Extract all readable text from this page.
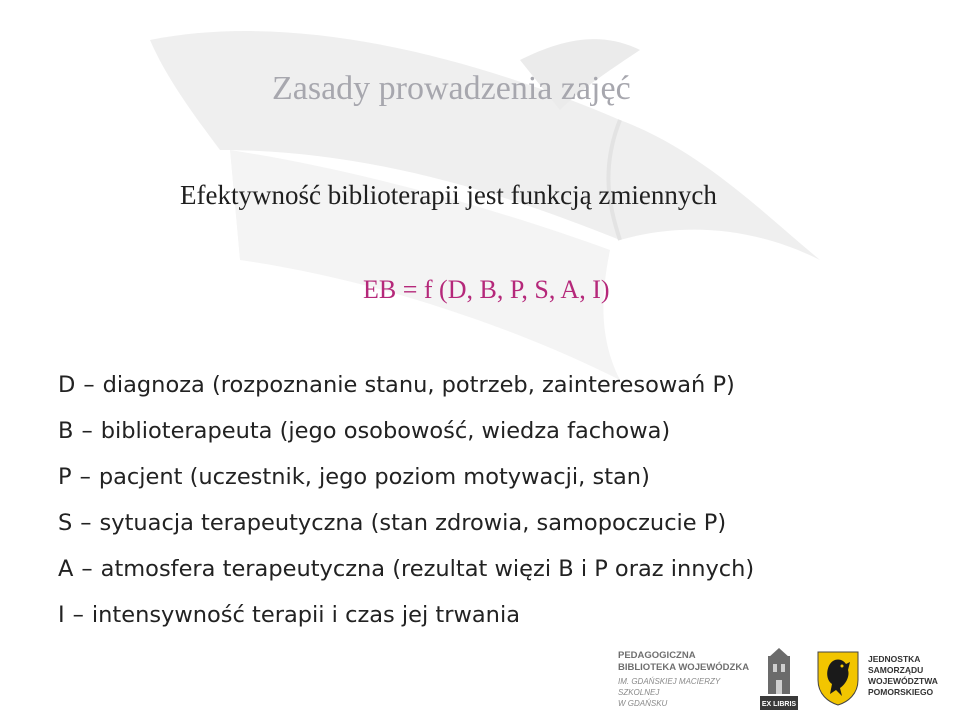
Zasady prowadzenia zajęć
Efektywność biblioterapii jest funkcją zmiennych
EB = f (D, B, P, S, A, I)
D – diagnoza (rozpoznanie stanu, potrzeb, zainteresowań P)
B – biblioterapeuta (jego osobowość, wiedza fachowa)
P – pacjent (uczestnik, jego poziom motywacji, stan)
S – sytuacja terapeutyczna (stan zdrowia, samopoczucie P)
A – atmosfera terapeutyczna (rezultat więzi B i P oraz innych)
I – intensywność terapii i czas jej trwania
PEDAGOGICZNA
BIBLIOTEKA WOJEWÓDZKA
IM. GDAŃSKIEJ MACIERZY SZKOLNEJ
W GDAŃSKU	EX LIBRIS
JEDNOSTKA
SAMORZĄDU
WOJEWÓDZTWA
POMORSKIEGO
